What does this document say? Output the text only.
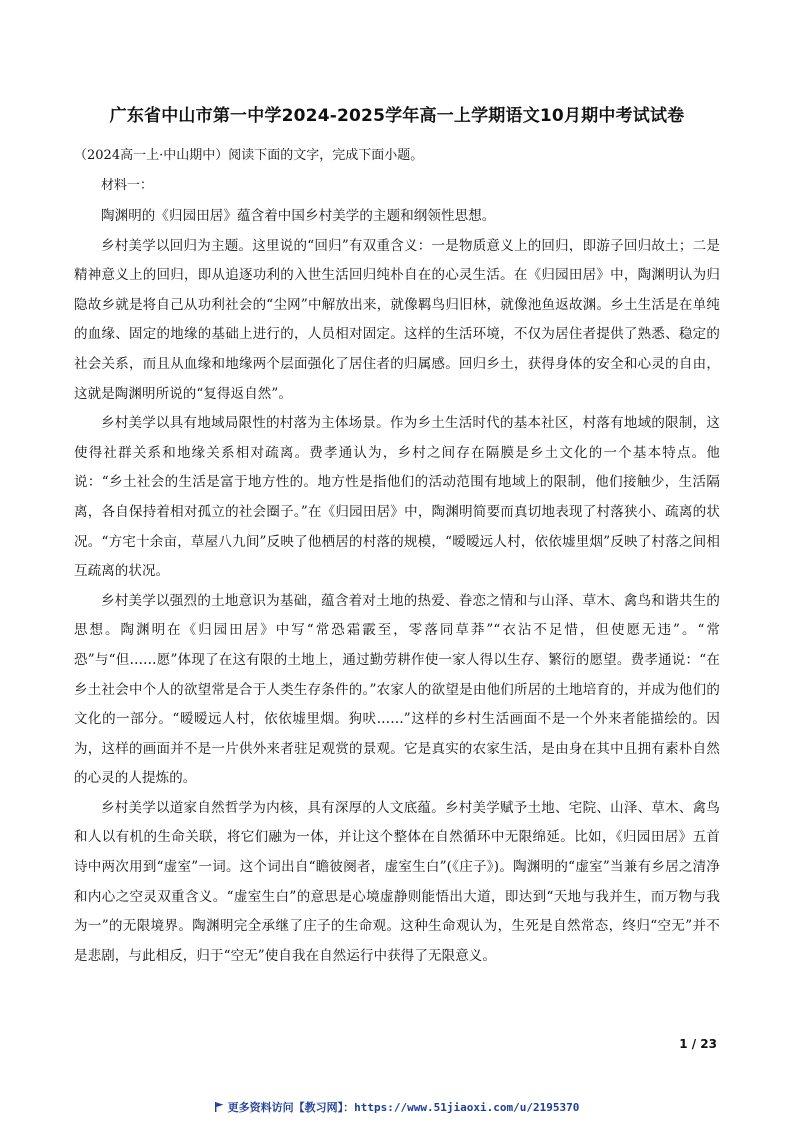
广东省中山市第一中学2024-2025学年高一上学期语文10月期中考试试卷
（2024高一上·中山期中）阅读下面的文字，完成下面小题。
材料一：

陶渊明的《归园田居》蕴含着中国乡村美学的主题和纲领性思想。

乡村美学以回归为主题。这里说的“回归”有双重含义：一是物质意义上的回归，即游子回归故土；二是精神意义上的回归，即从追逐功利的入世生活回归纯朴自在的心灵生活。在《归园田居》中，陶渊明认为归隐故乡就是将自己从功利社会的“尘网”中解放出来，就像羁鸟归旧林，就像池鱼返故渊。乡土生活是在单纯的血缘、固定的地缘的基础上进行的，人员相对固定。这样的生活环境，不仅为居住者提供了熟悉、稳定的社会关系，而且从血缘和地缘两个层面强化了居住者的归属感。回归乡土，获得身体的安全和心灵的自由，这就是陶渊明所说的“复得返自然”。

乡村美学以具有地域局限性的村落为主体场景。作为乡土生活时代的基本社区，村落有地域的限制，这使得社群关系和地缘关系相对疏离。费孝通认为，乡村之间存在隔膜是乡土文化的一个基本特点。他说：“乡土社会的生活是富于地方性的。地方性是指他们的活动范围有地域上的限制，他们接触少，生活隔离，各自保持着相对孤立的社会圈子。”在《归园田居》中，陶渊明简要而真切地表现了村落狭小、疏离的状况。“方宅十余亩，草屋八九间”反映了他栖居的村落的规模，“暧暧远人村，依依墟里烟”反映了村落之间相互疏离的状况。

乡村美学以强烈的土地意识为基础，蕴含着对土地的热爱、眷恋之情和与山泽、草木、禽鸟和谐共生的思想。陶渊明在《归园田居》中写“常恐霜霰至，零落同草莽”“衣沾不足惜，但使愿无违”。“常恐”与“但……愿”体现了在这有限的土地上，通过勤劳耕作使一家人得以生存、繁衍的愿望。费孝通说：“在乡土社会中个人的欲望常是合于人类生存条件的。”农家人的欲望是由他们所居的土地培育的，并成为他们的文化的一部分。“暧暧远人村，依依墟里烟。狗吠……”这样的乡村生活画面不是一个外来者能描绘的。因为，这样的画面并不是一片供外来者驻足观赏的景观。它是真实的农家生活，是由身在其中且拥有素朴自然的心灵的人提炼的。

乡村美学以道家自然哲学为内核，具有深厚的人文底蕴。乡村美学赋予土地、宅院、山泽、草木、禽鸟和人以有机的生命关联，将它们融为一体，并让这个整体在自然循环中无限绵延。比如，《归园田居》五首诗中两次用到“虚室”一词。这个词出自“瞻彼阕者，虚室生白”(《庄子》)。陶渊明的“虚室”当兼有乡居之清净和内心之空灵双重含义。“虚室生白”的意思是心境虚静则能悟出大道，即达到“天地与我并生，而万物与我为一”的无限境界。陶渊明完全承继了庄子的生命观。这种生命观认为，生死是自然常态，终归“空无”并不是悲剧，与此相反，归于“空无”使自我在自然运行中获得了无限意义。

1 / 23
更多资料访问【教习网】：https://www.51jiaoxi.com/u/2195370
